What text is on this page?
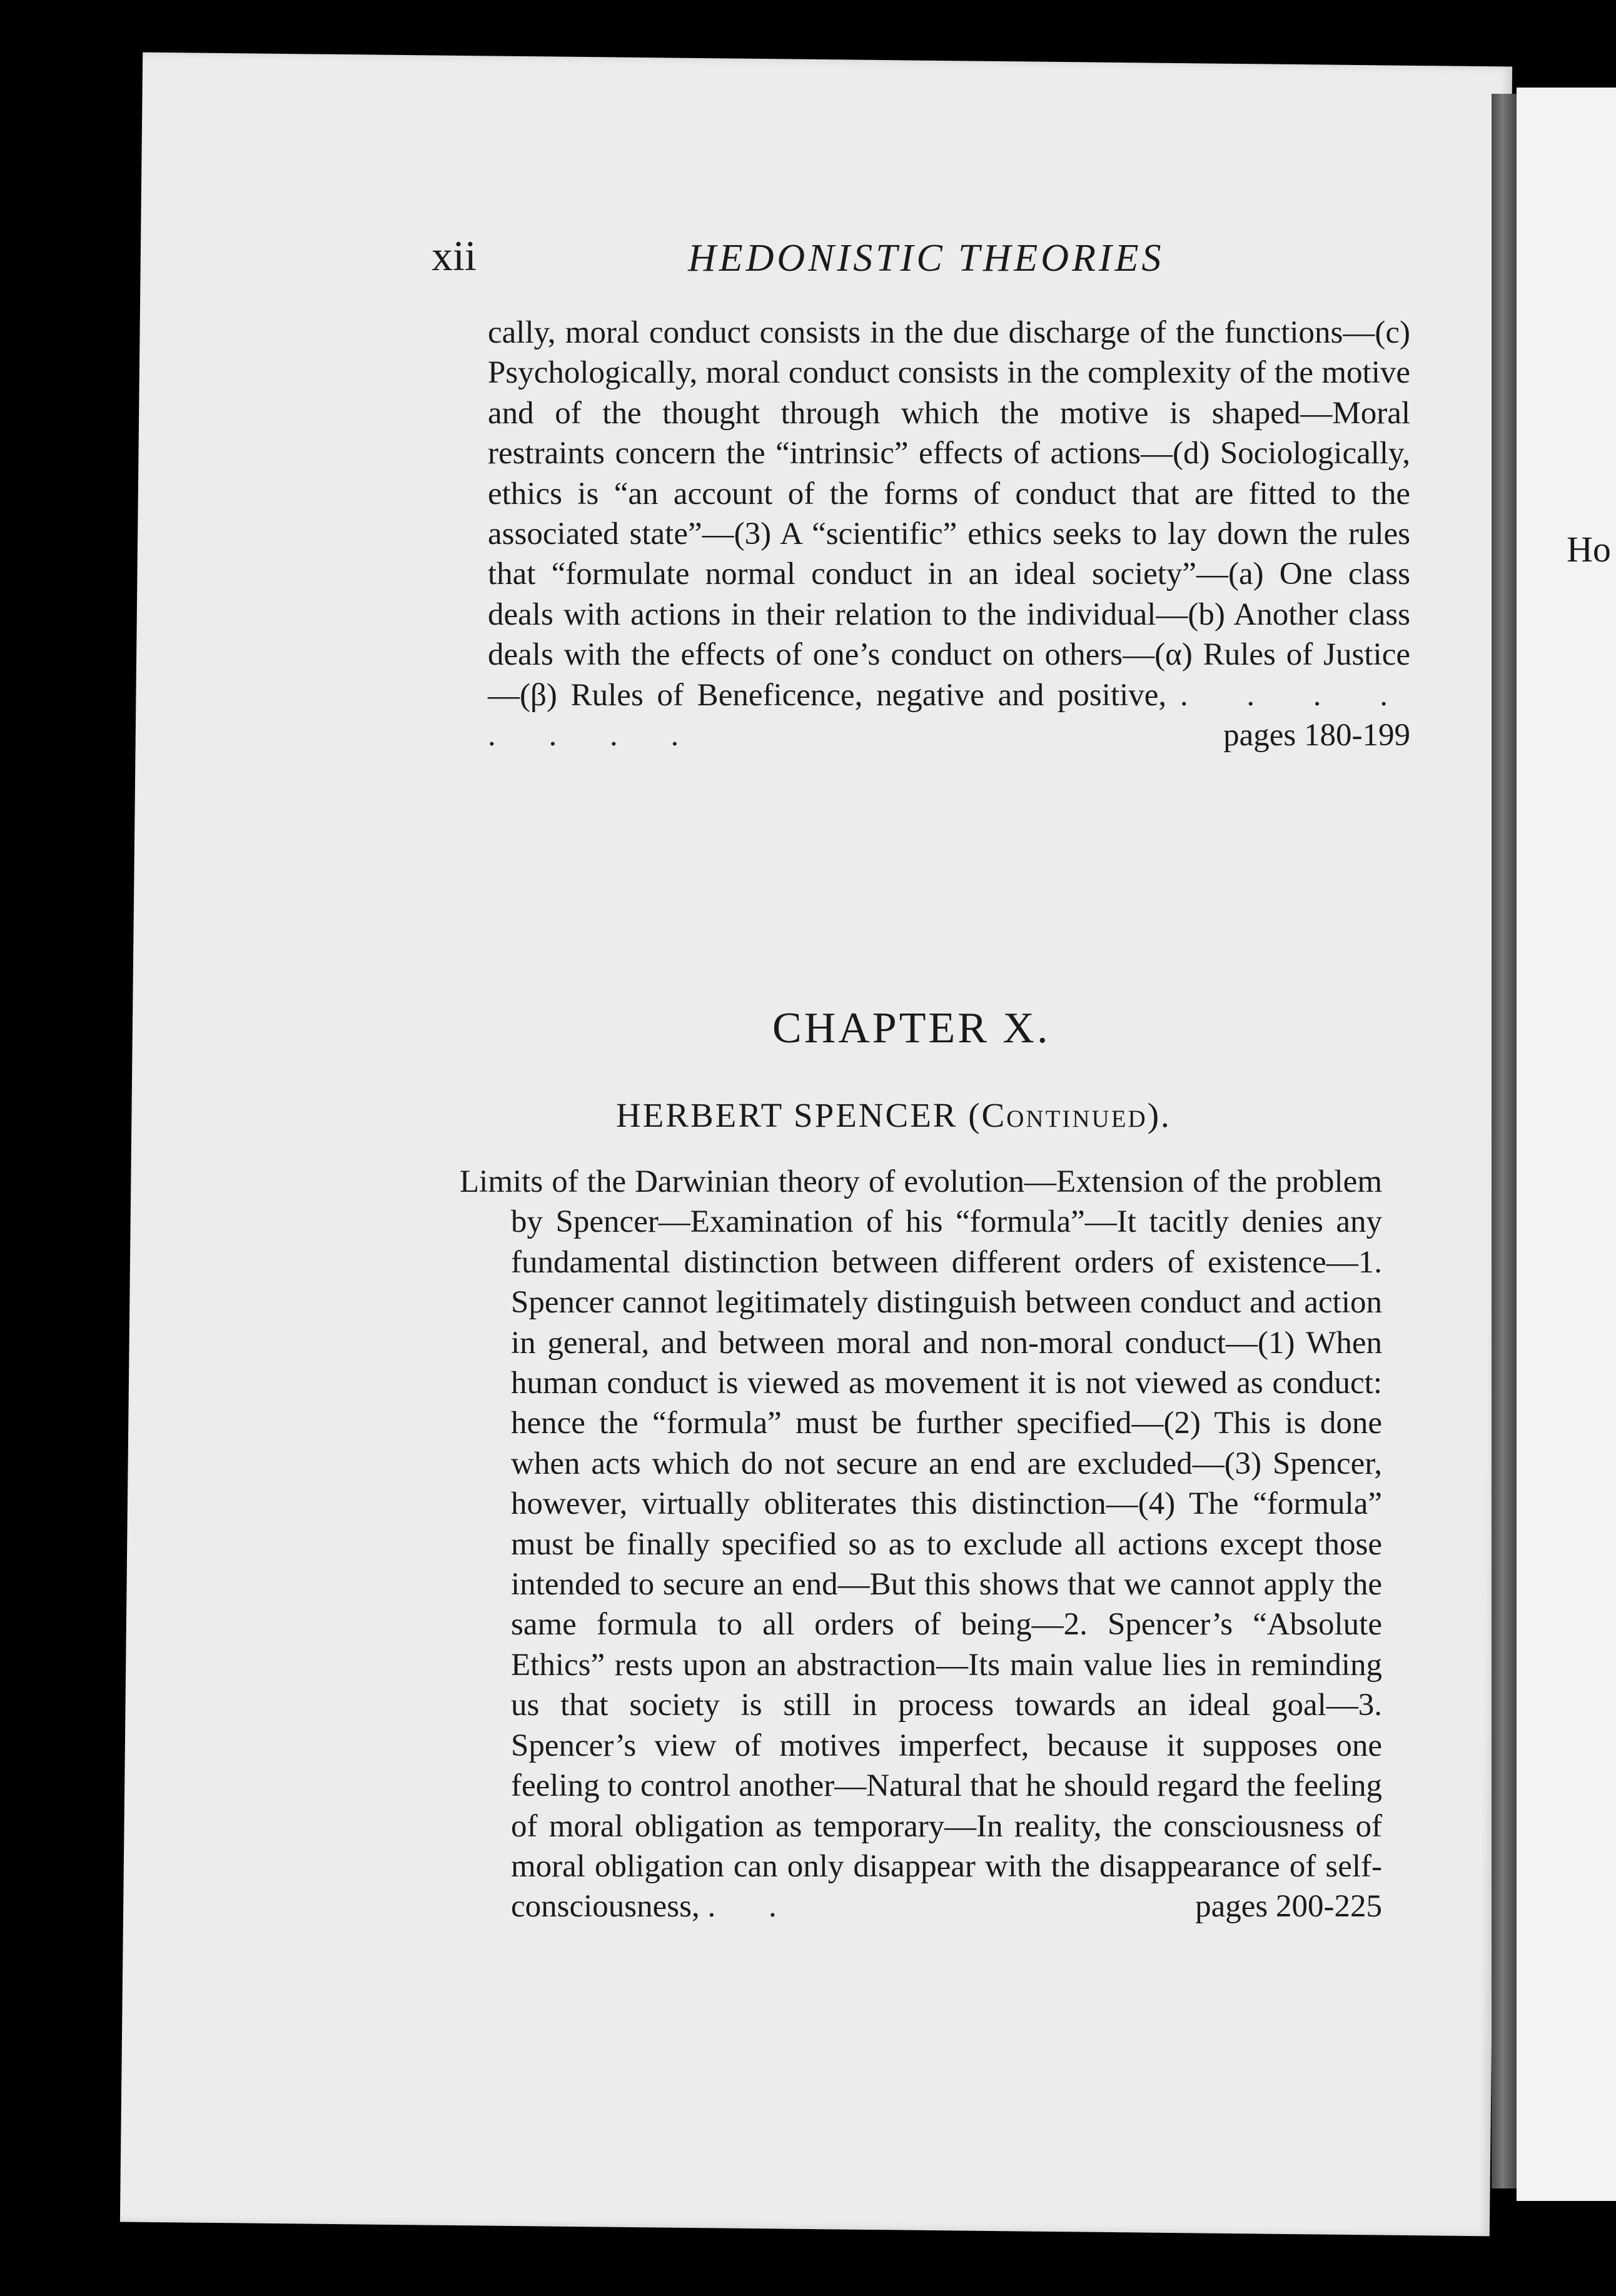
Ho
xii	HEDONISTIC THEORIES

cally, moral conduct consists in the due discharge of the functions—(c) Psychologically, moral conduct consists in the complexity of the motive and of the thought through which the motive is shaped—Moral restraints concern the “intrinsic” effects of actions—(d) Sociologically, ethics is “an account of the forms of conduct that are fitted to the associated state”—(3) A “scientific” ethics seeks to lay down the rules that “formulate normal conduct in an ideal society”—(a) One class deals with actions in their relation to the individual—(b) Another class deals with the effects of one’s conduct on others—(α) Rules of Justice—(β) Rules of Beneficence, negative and positive, . . . . . . . .	pages 180-199

CHAPTER X.
HERBERT SPENCER (Continued).

Limits of the Darwinian theory of evolution—Extension of the problem by Spencer—Examination of his “formula”—It tacitly denies any fundamental distinction between different orders of existence—1. Spencer cannot legitimately distinguish between conduct and action in general, and between moral and non-moral conduct—(1) When human conduct is viewed as movement it is not viewed as conduct: hence the “formula” must be further specified—(2) This is done when acts which do not secure an end are excluded—(3) Spencer, however, virtually obliterates this distinction—(4) The “formula” must be finally specified so as to exclude all actions except those intended to secure an end—But this shows that we cannot apply the same formula to all orders of being—2. Spencer’s “Absolute Ethics” rests upon an abstraction—Its main value lies in reminding us that society is still in process towards an ideal goal—3. Spencer’s view of motives imperfect, because it supposes one feeling to control another—Natural that he should regard the feeling of moral obligation as temporary—In reality, the consciousness of moral obligation can only disappear with the disappearance of self-consciousness, . .	pages 200-225
